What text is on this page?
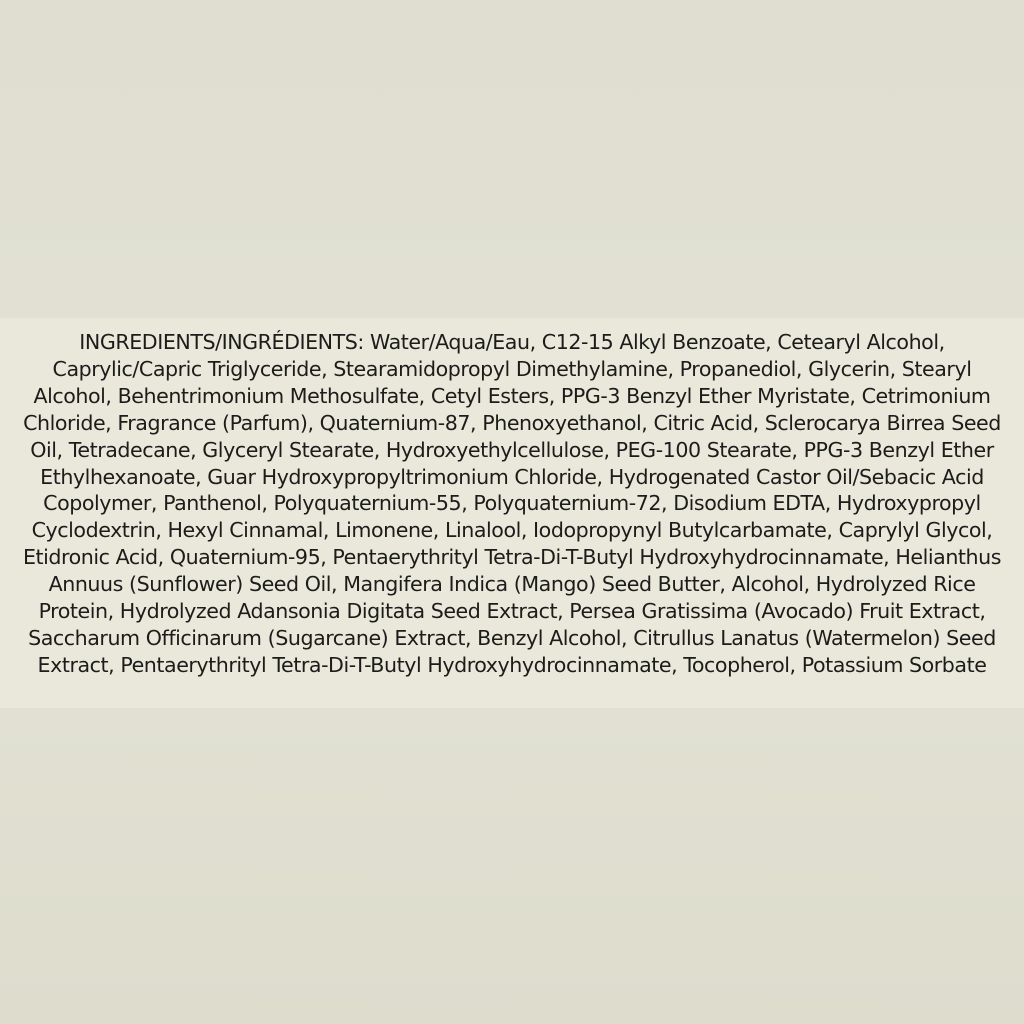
INGREDIENTS/INGRÉDIENTS: Water/Aqua/Eau, C12-15 Alkyl Benzoate, Cetearyl Alcohol,
Caprylic/Capric Triglyceride, Stearamidopropyl Dimethylamine, Propanediol, Glycerin, Stearyl
Alcohol, Behentrimonium Methosulfate, Cetyl Esters, PPG-3 Benzyl Ether Myristate, Cetrimonium
Chloride, Fragrance (Parfum), Quaternium-87, Phenoxyethanol, Citric Acid, Sclerocarya Birrea Seed
Oil, Tetradecane, Glyceryl Stearate, Hydroxyethylcellulose, PEG-100 Stearate, PPG-3 Benzyl Ether
Ethylhexanoate, Guar Hydroxypropyltrimonium Chloride, Hydrogenated Castor Oil/Sebacic Acid
Copolymer, Panthenol, Polyquaternium-55, Polyquaternium-72, Disodium EDTA, Hydroxypropyl
Cyclodextrin, Hexyl Cinnamal, Limonene, Linalool, Iodopropynyl Butylcarbamate, Caprylyl Glycol,
Etidronic Acid, Quaternium-95, Pentaerythrityl Tetra-Di-T-Butyl Hydroxyhydrocinnamate, Helianthus
Annuus (Sunflower) Seed Oil, Mangifera Indica (Mango) Seed Butter, Alcohol, Hydrolyzed Rice
Protein, Hydrolyzed Adansonia Digitata Seed Extract, Persea Gratissima (Avocado) Fruit Extract,
Saccharum Officinarum (Sugarcane) Extract, Benzyl Alcohol, Citrullus Lanatus (Watermelon) Seed
Extract, Pentaerythrityl Tetra-Di-T-Butyl Hydroxyhydrocinnamate, Tocopherol, Potassium Sorbate
